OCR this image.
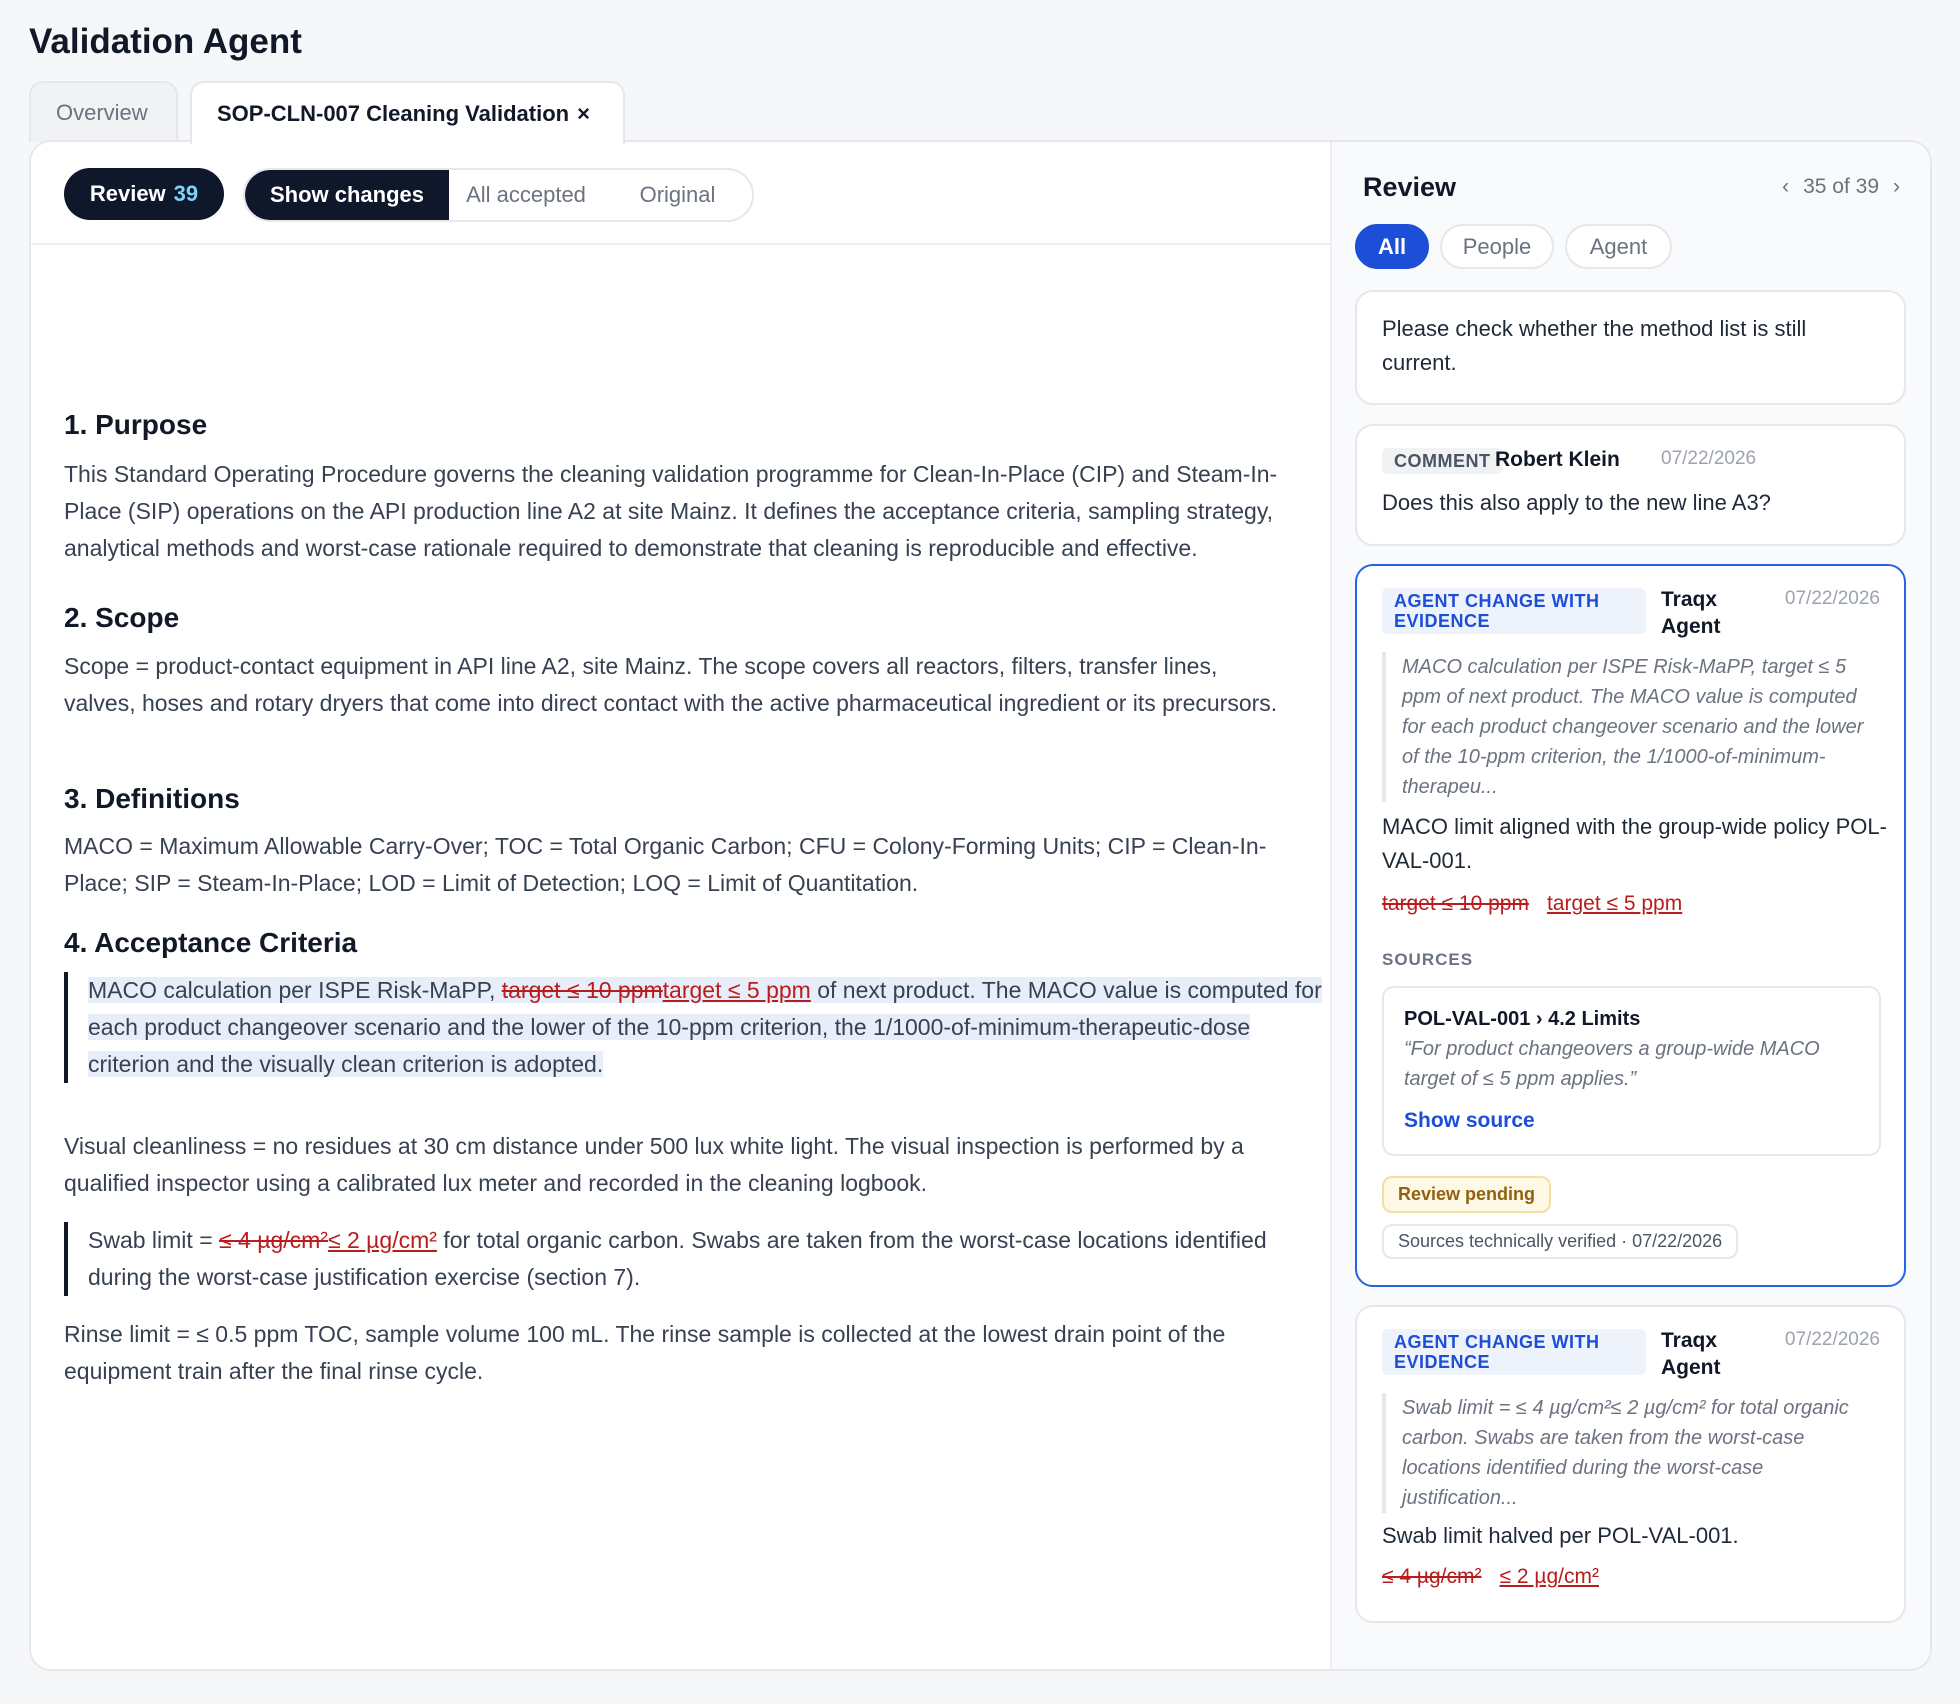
Validation Agent
Overview	SOP-CLN-007 Cleaning Validation ×
Review 39	Show changes	All accepted	Original
1. Purpose

This Standard Operating Procedure governs the cleaning validation programme for Clean-In-Place (CIP) and Steam-In-Place (SIP) operations on the API production line A2 at site Mainz. It defines the acceptance criteria, sampling strategy, analytical methods and worst-case rationale required to demonstrate that cleaning is reproducible and effective.

2. Scope

Scope = product-contact equipment in API line A2, site Mainz. The scope covers all reactors, filters, transfer lines, valves, hoses and rotary dryers that come into direct contact with the active pharmaceutical ingredient or its precursors.

3. Definitions

MACO = Maximum Allowable Carry-Over; TOC = Total Organic Carbon; CFU = Colony-Forming Units; CIP = Clean-In-Place; SIP = Steam-In-Place; LOD = Limit of Detection; LOQ = Limit of Quantitation.

4. Acceptance Criteria
MACO calculation per ISPE Risk-MaPP, target ≤ 10 ppmtarget ≤ 5 ppm of next product. The MACO value is computed for each product changeover scenario and the lower of the 10-ppm criterion, the 1/1000-of-minimum-therapeutic-dose criterion and the visually clean criterion is adopted.

Visual cleanliness = no residues at 30 cm distance under 500 lux white light. The visual inspection is performed by a qualified inspector using a calibrated lux meter and recorded in the cleaning logbook.

Swab limit = ≤ 4 µg/cm²≤ 2 µg/cm² for total organic carbon. Swabs are taken from the worst-case locations identified during the worst-case justification exercise (section 7).

Rinse limit = ≤ 0.5 ppm TOC, sample volume 100 mL. The rinse sample is collected at the lowest drain point of the equipment train after the final rinse cycle.

Review	‹ 35 of 39 ›
All	People	Agent
Please check whether the method list is still current.
COMMENT Robert Klein 07/22/2026
Does this also apply to the new line A3?
AGENT CHANGE WITH EVIDENCE
Traqx Agent
07/22/2026
MACO calculation per ISPE Risk-MaPP, target ≤ 5 ppm of next product. The MACO value is computed for each product changeover scenario and the lower of the 10-ppm criterion, the 1/1000-of-minimum-therapeu...
MACO limit aligned with the group-wide policy POL-VAL-001.
target ≤ 10 ppm target ≤ 5 ppm
SOURCES
POL-VAL-001 › 4.2 Limits
“For product changeovers a group-wide MACO target of ≤ 5 ppm applies.”
Show source
Review pending
Sources technically verified · 07/22/2026
AGENT CHANGE WITH EVIDENCE
Traqx Agent
07/22/2026
Swab limit = ≤ 4 µg/cm²≤ 2 µg/cm² for total organic carbon. Swabs are taken from the worst-case locations identified during the worst-case justification...
Swab limit halved per POL-VAL-001.
≤ 4 µg/cm² ≤ 2 µg/cm²
